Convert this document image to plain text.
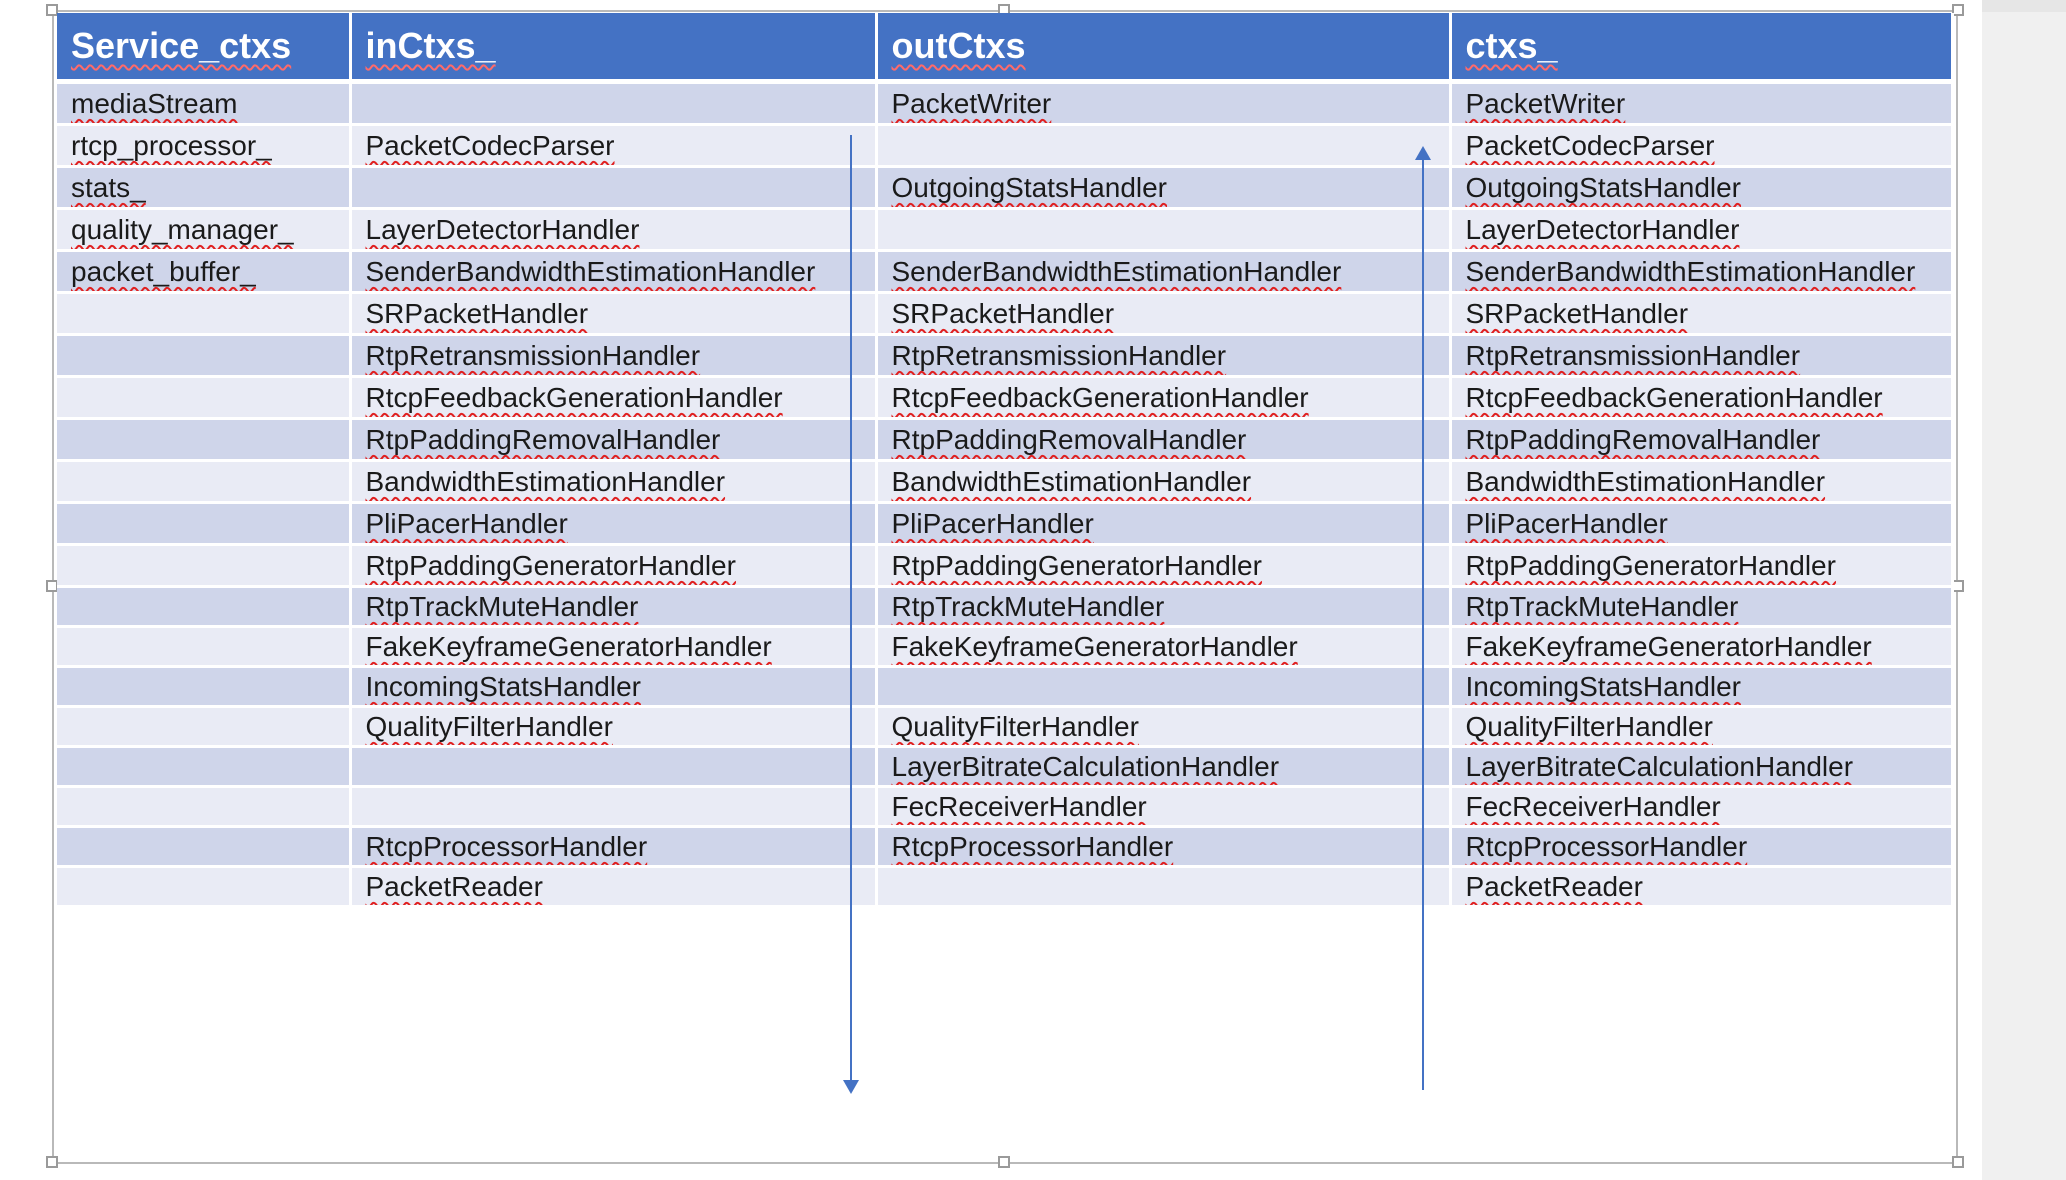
Service_ctxs	inCtxs_	outCtxs	ctxs_
mediaStream		PacketWriter	PacketWriter
rtcp_processor_	PacketCodecParser		PacketCodecParser
stats_		OutgoingStatsHandler	OutgoingStatsHandler
quality_manager_	LayerDetectorHandler		LayerDetectorHandler
packet_buffer_	SenderBandwidthEstimationHandler	SenderBandwidthEstimationHandler	SenderBandwidthEstimationHandler
	SRPacketHandler	SRPacketHandler	SRPacketHandler
	RtpRetransmissionHandler	RtpRetransmissionHandler	RtpRetransmissionHandler
	RtcpFeedbackGenerationHandler	RtcpFeedbackGenerationHandler	RtcpFeedbackGenerationHandler
	RtpPaddingRemovalHandler	RtpPaddingRemovalHandler	RtpPaddingRemovalHandler
	BandwidthEstimationHandler	BandwidthEstimationHandler	BandwidthEstimationHandler
	PliPacerHandler	PliPacerHandler	PliPacerHandler
	RtpPaddingGeneratorHandler	RtpPaddingGeneratorHandler	RtpPaddingGeneratorHandler
	RtpTrackMuteHandler	RtpTrackMuteHandler	RtpTrackMuteHandler
	FakeKeyframeGeneratorHandler	FakeKeyframeGeneratorHandler	FakeKeyframeGeneratorHandler
	IncomingStatsHandler		IncomingStatsHandler
	QualityFilterHandler	QualityFilterHandler	QualityFilterHandler
		LayerBitrateCalculationHandler	LayerBitrateCalculationHandler
		FecReceiverHandler	FecReceiverHandler
	RtcpProcessorHandler	RtcpProcessorHandler	RtcpProcessorHandler
	PacketReader		PacketReader
